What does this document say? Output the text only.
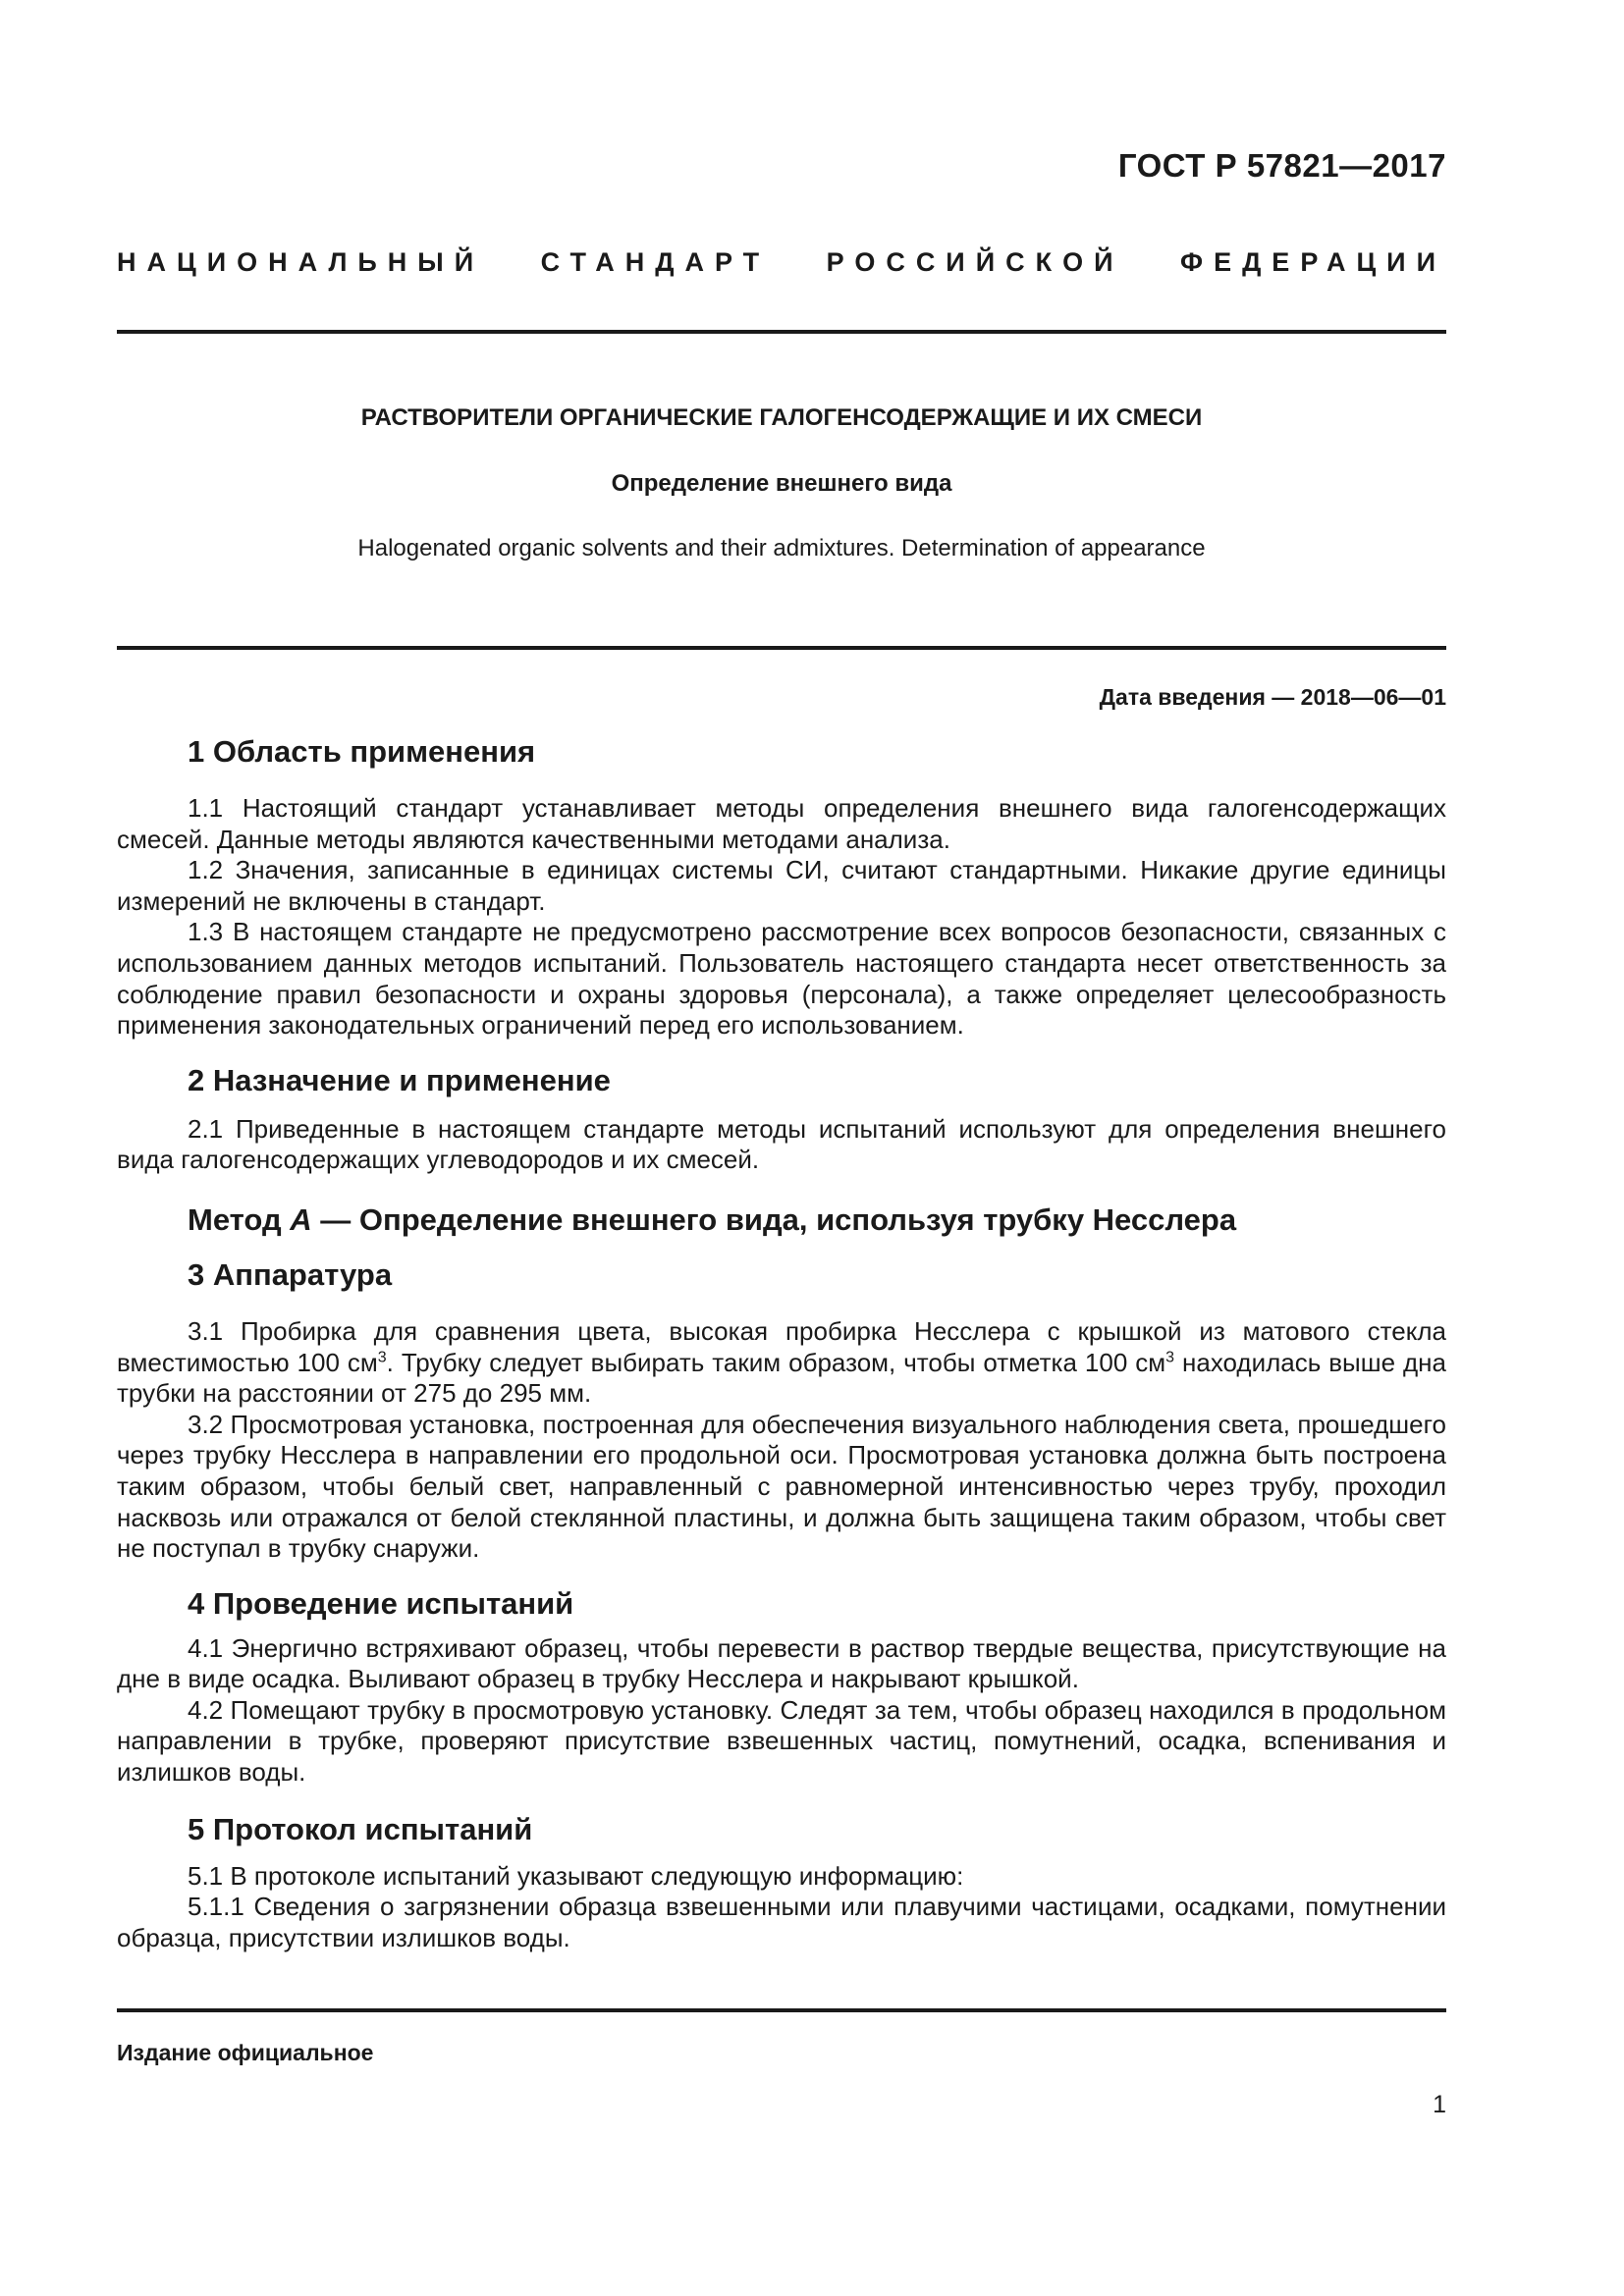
ГОСТ Р 57821—2017
НАЦИОНАЛЬНЫЙ СТАНДАРТ РОССИЙСКОЙ ФЕДЕРАЦИИ
РАСТВОРИТЕЛИ ОРГАНИЧЕСКИЕ ГАЛОГЕНСОДЕРЖАЩИЕ И ИХ СМЕСИ
Определение внешнего вида
Halogenated organic solvents and their admixtures. Determination of appearance
Дата введения — 2018—06—01
1 Область применения

1.1 Настоящий стандарт устанавливает методы определения внешнего вида галогенсодержащих смесей. Данные методы являются качественными методами анализа.

1.2 Значения, записанные в единицах системы СИ, считают стандартными. Никакие другие единицы измерений не включены в стандарт.

1.3 В настоящем стандарте не предусмотрено рассмотрение всех вопросов безопасности, связанных с использованием данных методов испытаний. Пользователь настоящего стандарта несет ответственность за соблюдение правил безопасности и охраны здоровья (персонала), а также определяет целесообразность применения законодательных ограничений перед его использованием.

2 Назначение и применение

2.1 Приведенные в настоящем стандарте методы испытаний используют для определения внешнего вида галогенсодержащих углеводородов и их смесей.

Метод А — Определение внешнего вида, используя трубку Несслера
3 Аппаратура

3.1 Пробирка для сравнения цвета, высокая пробирка Несслера с крышкой из матового стекла вместимостью 100 $см^3$. Трубку следует выбирать таким образом, чтобы отметка 100 $см^3$ находилась выше дна трубки на расстоянии от 275 до 295 мм.

3.2 Просмотровая установка, построенная для обеспечения визуального наблюдения света, прошедшего через трубку Несслера в направлении его продольной оси. Просмотровая установка должна быть построена таким образом, чтобы белый свет, направленный с равномерной интенсивностью через трубу, проходил насквозь или отражался от белой стеклянной пластины, и должна быть защищена таким образом, чтобы свет не поступал в трубку снаружи.

4 Проведение испытаний

4.1 Энергично встряхивают образец, чтобы перевести в раствор твердые вещества, присутствующие на дне в виде осадка. Выливают образец в трубку Несслера и накрывают крышкой.

4.2 Помещают трубку в просмотровую установку. Следят за тем, чтобы образец находился в продольном направлении в трубке, проверяют присутствие взвешенных частиц, помутнений, осадка, вспенивания и излишков воды.

5 Протокол испытаний

5.1 В протоколе испытаний указывают следующую информацию:

5.1.1 Сведения о загрязнении образца взвешенными или плавучими частицами, осадками, помутнении образца, присутствии излишков воды.

Издание официальное
1
